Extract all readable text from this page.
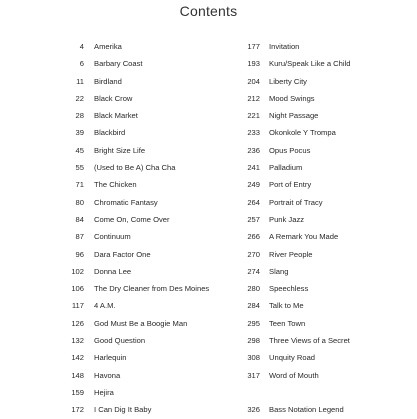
Contents
4 Amerika
6 Barbary Coast
11 Birdland
22 Black Crow
28 Black Market
39 Blackbird
45 Bright Size Life
55 (Used to Be A) Cha Cha
71 The Chicken
80 Chromatic Fantasy
84 Come On, Come Over
87 Continuum
96 Dara Factor One
102 Donna Lee
106 The Dry Cleaner from Des Moines
117 4 A.M.
126 God Must Be a Boogie Man
132 Good Question
142 Harlequin
148 Havona
159 Hejira
172 I Can Dig It Baby
177 Invitation
193 Kuru/Speak Like a Child
204 Liberty City
212 Mood Swings
221 Night Passage
233 Okonkole Y Trompa
236 Opus Pocus
241 Palladium
249 Port of Entry
264 Portrait of Tracy
257 Punk Jazz
266 A Remark You Made
270 River People
274 Slang
280 Speechless
284 Talk to Me
295 Teen Town
298 Three Views of a Secret
308 Unquity Road
317 Word of Mouth
326 Bass Notation Legend
